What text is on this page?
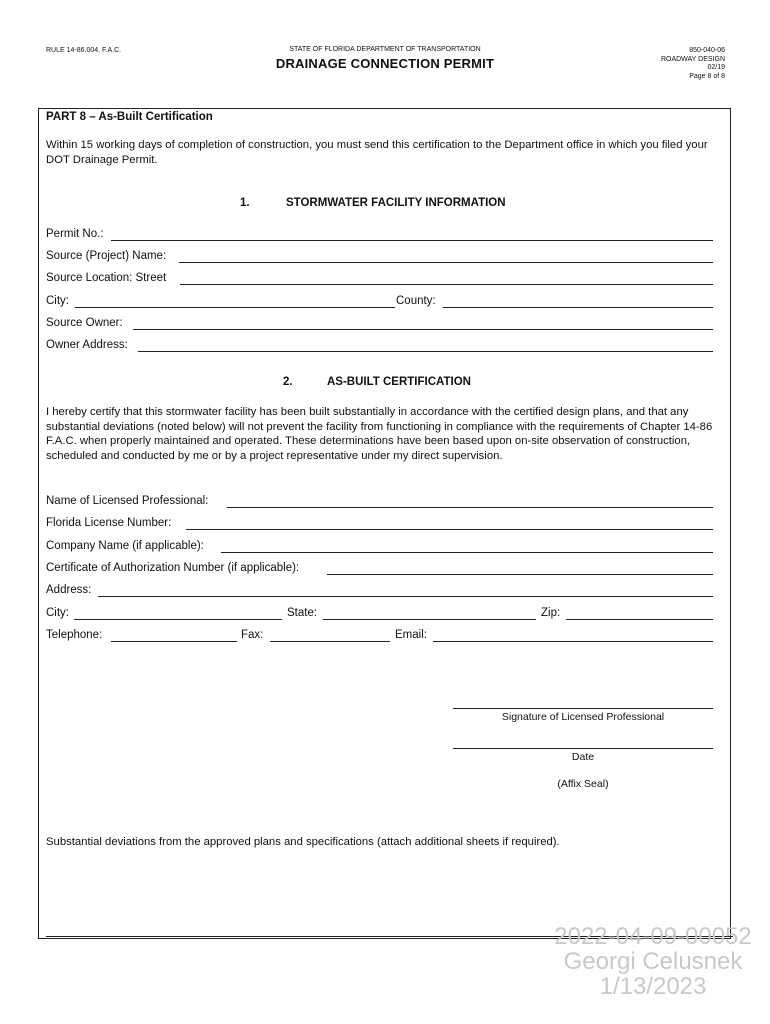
RULE 14-86.004, F.A.C.	STATE OF FLORIDA DEPARTMENT OF TRANSPORTATION
DRAINAGE CONNECTION PERMIT
850-040-06
ROADWAY DESIGN
02/19
Page 8 of 8
PART 8 – As-Built Certification
Within 15 working days of completion of construction, you must send this certification to the Department office in which you filed your DOT Drainage Permit.
1.	STORMWATER FACILITY INFORMATION
Permit No.:
Source (Project) Name:
Source Location: Street
City:	County:
Source Owner:
Owner Address:
2.	AS-BUILT CERTIFICATION
I hereby certify that this stormwater facility has been built substantially in accordance with the certified design plans, and that any substantial deviations (noted below) will not prevent the facility from functioning in compliance with the requirements of Chapter 14-86 F.A.C. when properly maintained and operated. These determinations have been based upon on-site observation of construction, scheduled and conducted by me or by a project representative under my direct supervision.
Name of Licensed Professional:
Florida License Number:
Company Name (if applicable):
Certificate of Authorization Number (if applicable):
Address:
City:	State:	Zip:
Telephone:	Fax:	Email:
Signature of Licensed Professional
Date
(Affix Seal)
Substantial deviations from the approved plans and specifications (attach additional sheets if required).
2022-04-09-00052
Georgi Celusnek
1/13/2023
